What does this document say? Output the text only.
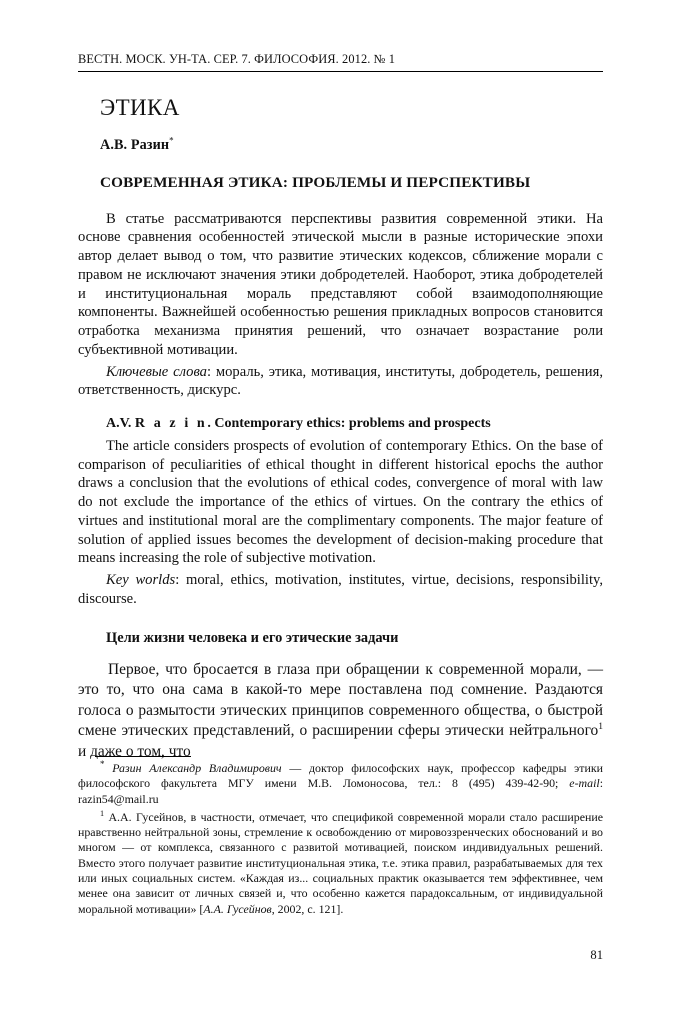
ВЕСТН. МОСК. УН-ТА. СЕР. 7. ФИЛОСОФИЯ. 2012. № 1
ЭТИКА
А.В. Разин*
СОВРЕМЕННАЯ ЭТИКА: ПРОБЛЕМЫ И ПЕРСПЕКТИВЫ
В статье рассматриваются перспективы развития современной этики. На основе сравнения особенностей этической мысли в разные исторические эпохи автор делает вывод о том, что развитие этических кодексов, сближение морали с правом не исключают значения этики добродетелей. Наоборот, этика добродетелей и институциональная мораль представляют собой взаимодополняющие компоненты. Важнейшей особенностью решения прикладных вопросов становится отработка механизма принятия решений, что означает возрастание роли субъективной мотивации.
Ключевые слова: мораль, этика, мотивация, институты, добродетель, решения, ответственность, дискурс.
A.V. R a z i n. Contemporary ethics: problems and prospects
The article considers prospects of evolution of contemporary Ethics. On the base of comparison of peculiarities of ethical thought in different historical epochs the author draws a conclusion that the evolutions of ethical codes, convergence of moral with law do not exclude the importance of the ethics of virtues. On the contrary the ethics of virtues and institutional moral are the complimentary components. The major feature of solution of applied issues becomes the development of decision-making procedure that means increasing the role of subjective motivation.
Key worlds: moral, ethics, motivation, institutes, virtue, decisions, responsibility, discourse.
Цели жизни человека и его этические задачи
Первое, что бросается в глаза при обращении к современной морали, — это то, что она сама в какой-то мере поставлена под сомнение. Раздаются голоса о размытости этических принципов современного общества, о быстрой смене этических представлений, о расширении сферы этически нейтрального$^1$ и даже о том, что
* Разин Александр Владимирович — доктор философских наук, профессор кафедры этики философского факультета МГУ имени М.В. Ломоносова, тел.: 8 (495) 439-42-90; e-mail: razin54@mail.ru
$^1$ А.А. Гусейнов, в частности, отмечает, что спецификой современной морали стало расширение нравственно нейтральной зоны, стремление к освобождению от мировоззренческих обоснований и во многом — от комплекса, связанного с развитой мотивацией, поиском индивидуальных решений. Вместо этого получает развитие институциональная этика, т.е. этика правил, разрабатываемых для тех или иных социальных систем. «Каждая из... социальных практик оказывается тем эффективнее, чем менее она зависит от личных связей и, что особенно кажется парадоксальным, от индивидуальной моральной мотивации» [А.А. Гусейнов, 2002, с. 121].
81
